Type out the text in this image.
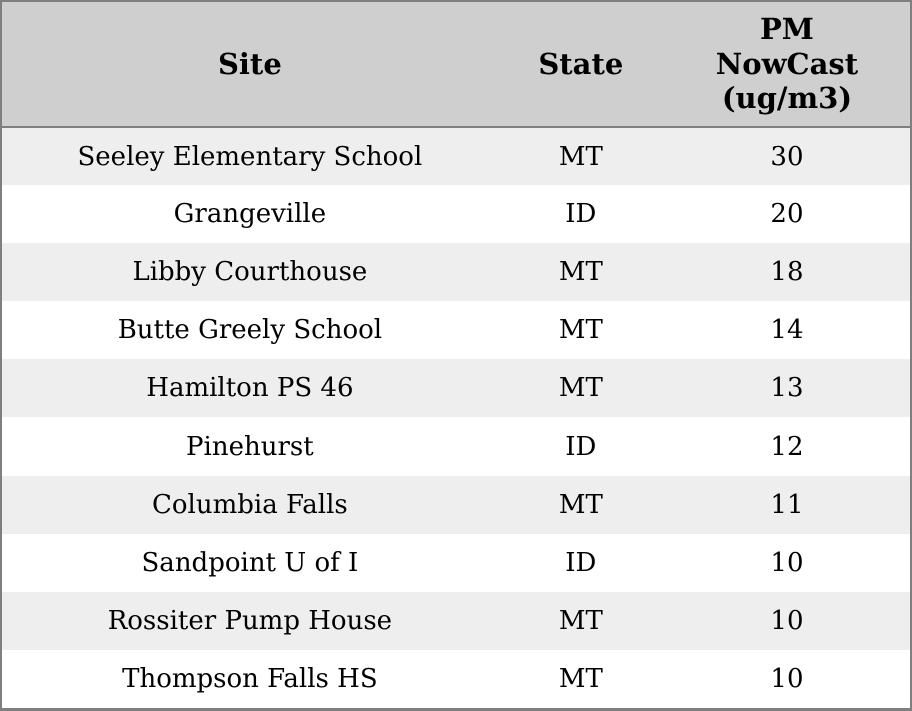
Site	State	PM NowCast (ug/m3)
Seeley Elementary School	MT	30
Grangeville	ID	20
Libby Courthouse	MT	18
Butte Greely School	MT	14
Hamilton PS 46	MT	13
Pinehurst	ID	12
Columbia Falls	MT	11
Sandpoint U of I	ID	10
Rossiter Pump House	MT	10
Thompson Falls HS	MT	10
